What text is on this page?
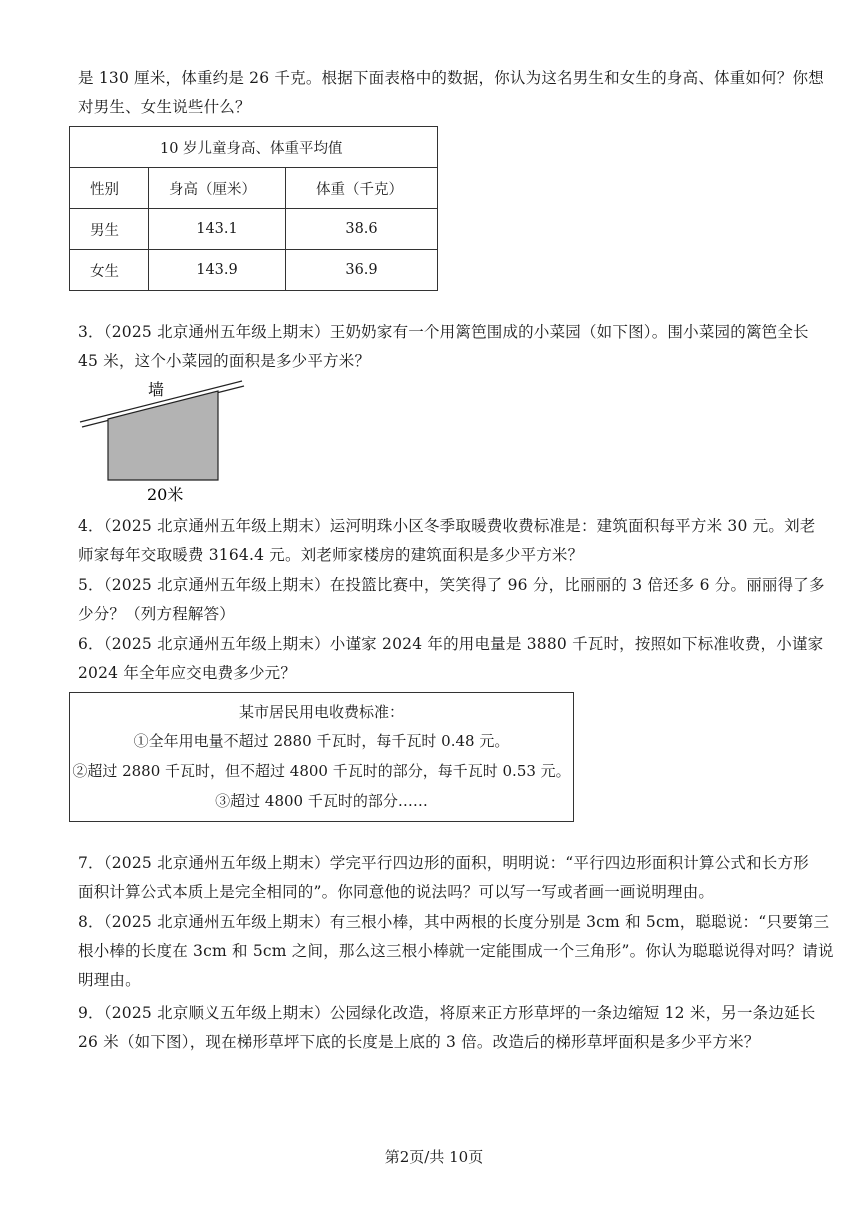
是 130 厘米，体重约是 26 千克。根据下面表格中的数据，你认为这名男生和女生的身高、体重如何？你想
对男生、女生说些什么？
10 岁儿童身高、体重平均值		
性别	身高（厘米）	体重（千克）
男生	143.1	38.6
女生	143.9	36.9
3．（2025 北京通州五年级上期末）王奶奶家有一个用篱笆围成的小菜园（如下图）。围小菜园的篱笆全长
45 米，这个小菜园的面积是多少平方米？
墙
20米
4．（2025 北京通州五年级上期末）运河明珠小区冬季取暖费收费标准是：建筑面积每平方米 30 元。刘老
师家每年交取暖费 3164.4 元。刘老师家楼房的建筑面积是多少平方米？
5．（2025 北京通州五年级上期末）在投篮比赛中，笑笑得了 96 分，比丽丽的 3 倍还多 6 分。丽丽得了多
少分？（列方程解答）
6．（2025 北京通州五年级上期末）小谨家 2024 年的用电量是 3880 千瓦时，按照如下标准收费，小谨家
2024 年全年应交电费多少元？
某市居民用电收费标准：
①全年用电量不超过 2880 千瓦时，每千瓦时 0.48 元。
②超过 2880 千瓦时，但不超过 4800 千瓦时的部分，每千瓦时 0.53 元。
③超过 4800 千瓦时的部分……
7．（2025 北京通州五年级上期末）学完平行四边形的面积，明明说：“平行四边形面积计算公式和长方形
面积计算公式本质上是完全相同的”。你同意他的说法吗？可以写一写或者画一画说明理由。
8．（2025 北京通州五年级上期末）有三根小棒，其中两根的长度分别是 3cm 和 5cm，聪聪说：“只要第三
根小棒的长度在 3cm 和 5cm 之间，那么这三根小棒就一定能围成一个三角形”。你认为聪聪说得对吗？请说
明理由。
9．（2025 北京顺义五年级上期末）公园绿化改造，将原来正方形草坪的一条边缩短 12 米，另一条边延长
26 米（如下图），现在梯形草坪下底的长度是上底的 3 倍。改造后的梯形草坪面积是多少平方米？
第2页/共 10页
